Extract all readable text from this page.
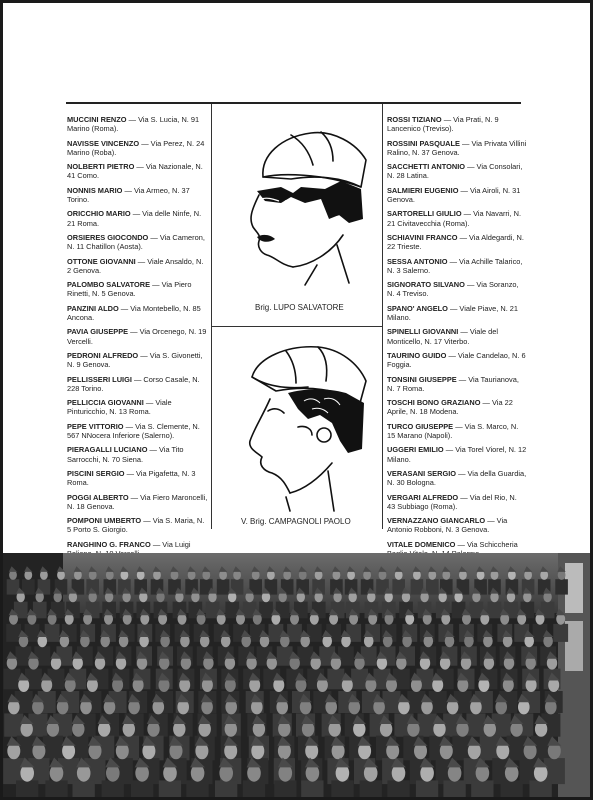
MUCCINI RENZO — Via S. Lucia, N. 91 Marino (Roma).
NAVISSE VINCENZO — Via Perez, N. 24 Marino (Roba).
NOLBERTI PIETRO — Via Nazionale, N. 41 Como.
NONNIS MARIO — Via Armeo, N. 37 Torino.
ORICCHIO MARIO — Via delle Ninfe, N. 21 Roma.
ORSIERES GIOCONDO — Via Cameron, N. 11 Chatillon (Aosta).
OTTONE GIOVANNI — Viale Ansaldo, N. 2 Genova.
PALOMBO SALVATORE — Via Piero Rinetti, N. 5 Genova.
PANZINI ALDO — Via Montebello, N. 85 Ancona.
PAVIA GIUSEPPE — Via Orcenego, N. 19 Vercelli.
PEDRONI ALFREDO — Via S. Givonetti, N. 9 Genova.
PELLISSERI LUIGI — Corso Casale, N. 228 Torino.
PELLICCIA GIOVANNI — Viale Pinturicchio, N. 13 Roma.
PEPE VITTORIO — Via S. Clemente, N. 567 NNocera Inferiore (Salerno).
PIERAGALLI LUCIANO — Via Tito Sarrocchi, N. 70 Siena.
PISCINI SERGIO — Via Pigafetta, N. 3 Roma.
POGGI ALBERTO — Via Fiero Maroncelli, N. 18 Genova.
POMPONI UMBERTO — Via S. Maria, N. 5 Porto S. Giorgio.
RANGHINO G. FRANCO — Via Luigi
—
—
Brig. LUPO SALVATORE
V. Brig. CAMPAGNOLI PAOLO
ROSSI TIZIANO — Via Prati, N. 9 Lancenico (Treviso).
ROSSINI PASQUALE — Via Privata Villini Ralino, N. 37 Genova.
SACCHETTI ANTONIO — Via Consolari, N. 28 Latina.
SALMIERI EUGENIO — Via Airoli, N. 31 Genova.
SARTORELLI GIULIO — Via Navarri, N. 21 Civitavecchia (Roma).
SCHIAVINI FRANCO — Via Aldegardi, N. 22 Trieste.
SESSA ANTONIO — Via Achille Talarico, N. 3 Salerno.
SIGNORATO SILVANO — Via Soranzo, N. 4 Treviso.
SPANO' ANGELO — Viale Piave, N. 21 Milano.
SPINELLI GIOVANNI — Viale del Monticello, N. 17 Viterbo.
TAURINO GUIDO — Viale Candelao, N. 6 Foggia.
TONSINI GIUSEPPE — Via Taurianova, N. 7 Roma.
TOSCHI BONO GRAZIANO — Via 22 Aprile, N. 18 Modena.
TURCO GIUSEPPE — Via S. Marco, N. 15 Marano (Napoli).
UGGERI EMILIO — Via Torel Viorel, N. 12 Milano.
VERASANI SERGIO — Via della Guardia, N. 30 Bologna.
VERGARI ALFREDO — Via del Rio, N. 43 Subbiago (Roma).
VERNAZZANO GIANCARLO — Via Antonio Robboni, N. 3 Genova.
VITALE DOMENICO — Via Schiccheria
—
—
